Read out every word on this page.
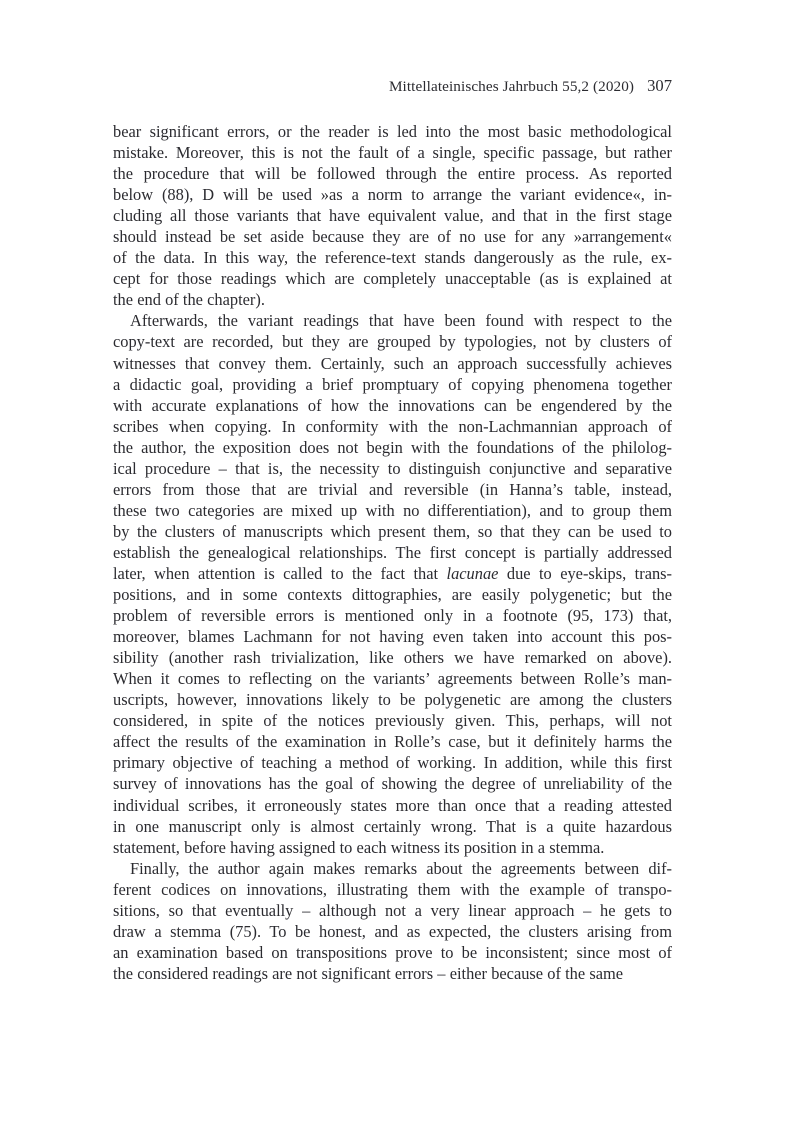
Mittellateinisches Jahrbuch 55,2 (2020) 307

bear significant errors, or the reader is led into the most basic methodological
mistake. Moreover, this is not the fault of a single, specific passage, but rather
the procedure that will be followed through the entire process. As reported
below (88), D will be used »as a norm to arrange the variant evidence«, in-
cluding all those variants that have equivalent value, and that in the first stage
should instead be set aside because they are of no use for any »arrangement«
of the data. In this way, the reference-text stands dangerously as the rule, ex-
cept for those readings which are completely unacceptable (as is explained at
the end of the chapter).

Afterwards, the variant readings that have been found with respect to the
copy-text are recorded, but they are grouped by typologies, not by clusters of
witnesses that convey them. Certainly, such an approach successfully achieves
a didactic goal, providing a brief promptuary of copying phenomena together
with accurate explanations of how the innovations can be engendered by the
scribes when copying. In conformity with the non-Lachmannian approach of
the author, the exposition does not begin with the foundations of the philolog-
ical procedure – that is, the necessity to distinguish conjunctive and separative
errors from those that are trivial and reversible (in Hanna’s table, instead,
these two categories are mixed up with no differentiation), and to group them
by the clusters of manuscripts which present them, so that they can be used to
establish the genealogical relationships. The first concept is partially addressed
later, when attention is called to the fact that lacunae due to eye-skips, trans-
positions, and in some contexts dittographies, are easily polygenetic; but the
problem of reversible errors is mentioned only in a footnote (95, 173) that,
moreover, blames Lachmann for not having even taken into account this pos-
sibility (another rash trivialization, like others we have remarked on above).
When it comes to reflecting on the variants’ agreements between Rolle’s man-
uscripts, however, innovations likely to be polygenetic are among the clusters
considered, in spite of the notices previously given. This, perhaps, will not
affect the results of the examination in Rolle’s case, but it definitely harms the
primary objective of teaching a method of working. In addition, while this first
survey of innovations has the goal of showing the degree of unreliability of the
individual scribes, it erroneously states more than once that a reading attested
in one manuscript only is almost certainly wrong. That is a quite hazardous
statement, before having assigned to each witness its position in a stemma.

Finally, the author again makes remarks about the agreements between dif-
ferent codices on innovations, illustrating them with the example of transpo-
sitions, so that eventually – although not a very linear approach – he gets to
draw a stemma (75). To be honest, and as expected, the clusters arising from
an examination based on transpositions prove to be inconsistent; since most of
the considered readings are not significant errors – either because of the same
